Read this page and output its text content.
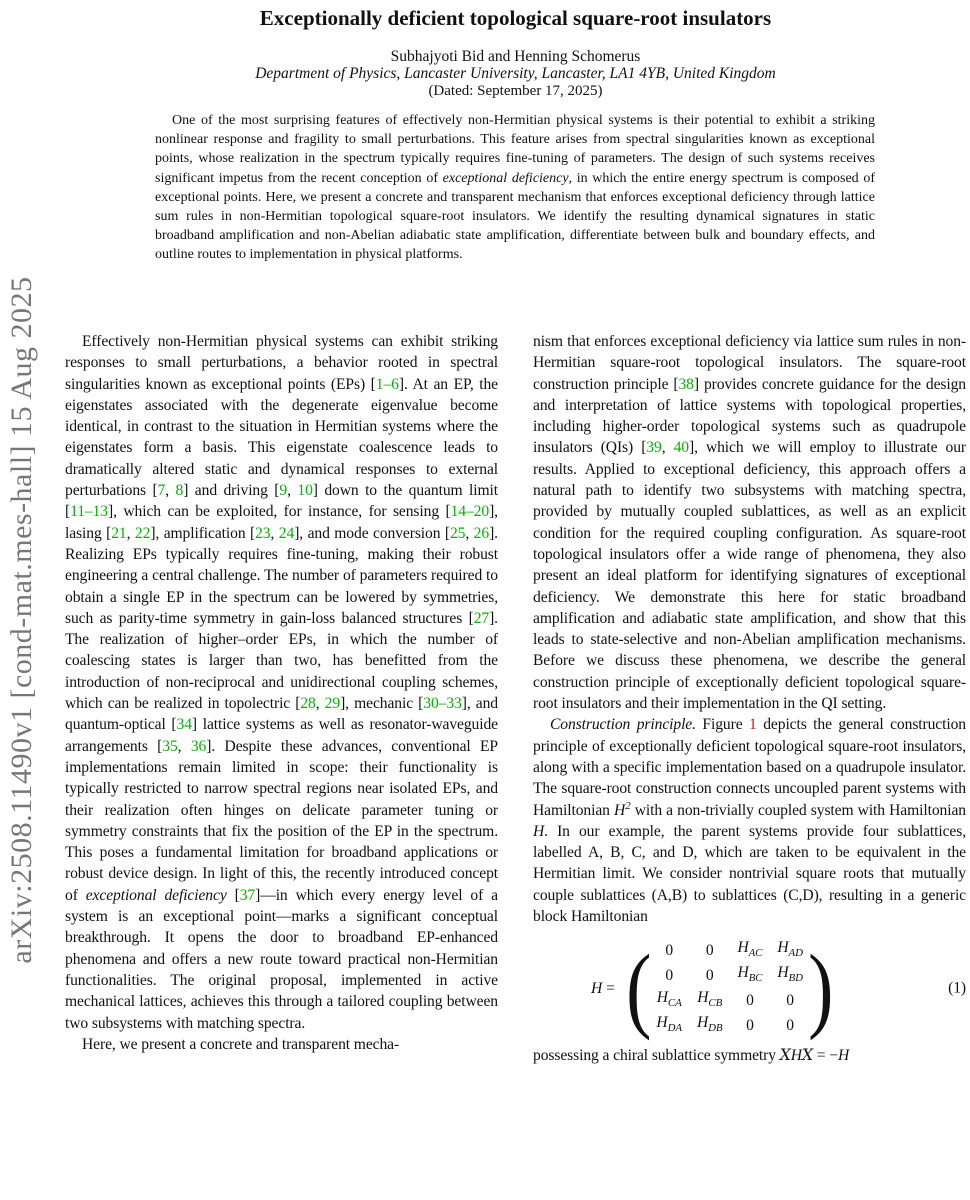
arXiv:2508.11490v1 [cond-mat.mes-hall] 15 Aug 2025
Exceptionally deficient topological square-root insulators
Subhajyoti Bid and Henning Schomerus
Department of Physics, Lancaster University, Lancaster, LA1 4YB, United Kingdom
(Dated: September 17, 2025)
One of the most surprising features of effectively non-Hermitian physical systems is their potential to exhibit a striking nonlinear response and fragility to small perturbations. This feature arises from spectral singularities known as exceptional points, whose realization in the spectrum typically requires fine-tuning of parameters. The design of such systems receives significant impetus from the recent conception of exceptional deficiency, in which the entire energy spectrum is composed of exceptional points. Here, we present a concrete and transparent mechanism that enforces exceptional deficiency through lattice sum rules in non-Hermitian topological square-root insulators. We identify the resulting dynamical signatures in static broadband amplification and non-Abelian adiabatic state amplification, differentiate between bulk and boundary effects, and outline routes to implementation in physical platforms.

Effectively non-Hermitian physical systems can exhibit striking responses to small perturbations, a behavior rooted in spectral singularities known as exceptional points (EPs) [1–6]. At an EP, the eigenstates associated with the degenerate eigenvalue become identical, in contrast to the situation in Hermitian systems where the eigenstates form a basis. This eigenstate coalescence leads to dramatically altered static and dynamical responses to external perturbations [7, 8] and driving [9, 10] down to the quantum limit [11–13], which can be exploited, for instance, for sensing [14–20], lasing [21, 22], amplification [23, 24], and mode conversion [25, 26]. Realizing EPs typically requires fine-tuning, making their robust engineering a central challenge. The number of parameters required to obtain a single EP in the spectrum can be lowered by symmetries, such as parity-time symmetry in gain-loss balanced structures [27]. The realization of higher–order EPs, in which the number of coalescing states is larger than two, has benefitted from the introduction of non-reciprocal and unidirectional coupling schemes, which can be realized in topolectric [28, 29], mechanic [30–33], and quantum-optical [34] lattice systems as well as resonator-waveguide arrangements [35, 36]. Despite these advances, conventional EP implementations remain limited in scope: their functionality is typically restricted to narrow spectral regions near isolated EPs, and their realization often hinges on delicate parameter tuning or symmetry constraints that fix the position of the EP in the spectrum. This poses a fundamental limitation for broadband applications or robust device design. In light of this, the recently introduced concept of exceptional deficiency [37]—in which every energy level of a system is an exceptional point—marks a significant conceptual breakthrough. It opens the door to broadband EP-enhanced phenomena and offers a new route toward practical non-Hermitian functionalities. The original proposal, implemented in active mechanical lattices, achieves this through a tailored coupling between two subsystems with matching spectra.

Here, we present a concrete and transparent mecha-

nism that enforces exceptional deficiency via lattice sum rules in non-Hermitian square-root topological insulators. The square-root construction principle [38] provides concrete guidance for the design and interpretation of lattice systems with topological properties, including higher-order topological systems such as quadrupole insulators (QIs) [39, 40], which we will employ to illustrate our results. Applied to exceptional deficiency, this approach offers a natural path to identify two subsystems with matching spectra, provided by mutually coupled sublattices, as well as an explicit condition for the required coupling configuration. As square-root topological insulators offer a wide range of phenomena, they also present an ideal platform for identifying signatures of exceptional deficiency. We demonstrate this here for static broadband amplification and adiabatic state amplification, and show that this leads to state-selective and non-Abelian amplification mechanisms. Before we discuss these phenomena, we describe the general construction principle of exceptionally deficient topological square-root insulators and their implementation in the QI setting.

Construction principle. Figure 1 depicts the general construction principle of exceptionally deficient topological square-root insulators, along with a specific implementation based on a quadrupole insulator. The square-root construction connects uncoupled parent systems with Hamiltonian $H^2$ with a non-trivially coupled system with Hamiltonian H. In our example, the parent systems provide four sublattices, labelled A, B, C, and D, which are taken to be equivalent in the Hermitian limit. We consider nontrivial square roots that mutually couple sublattices (A,B) to sublattices (C,D), resulting in a generic block Hamiltonian

H = ( 0 0 $H_{AC}$ $H_{AD}$
0 0 $H_{BC}$ $H_{BD}$
$H_{CA}$ $H_{CB}$ 0 0
$H_{DA}$ $H_{DB}$ 0 0 )	(1)

possessing a chiral sublattice symmetry XHX = −H
